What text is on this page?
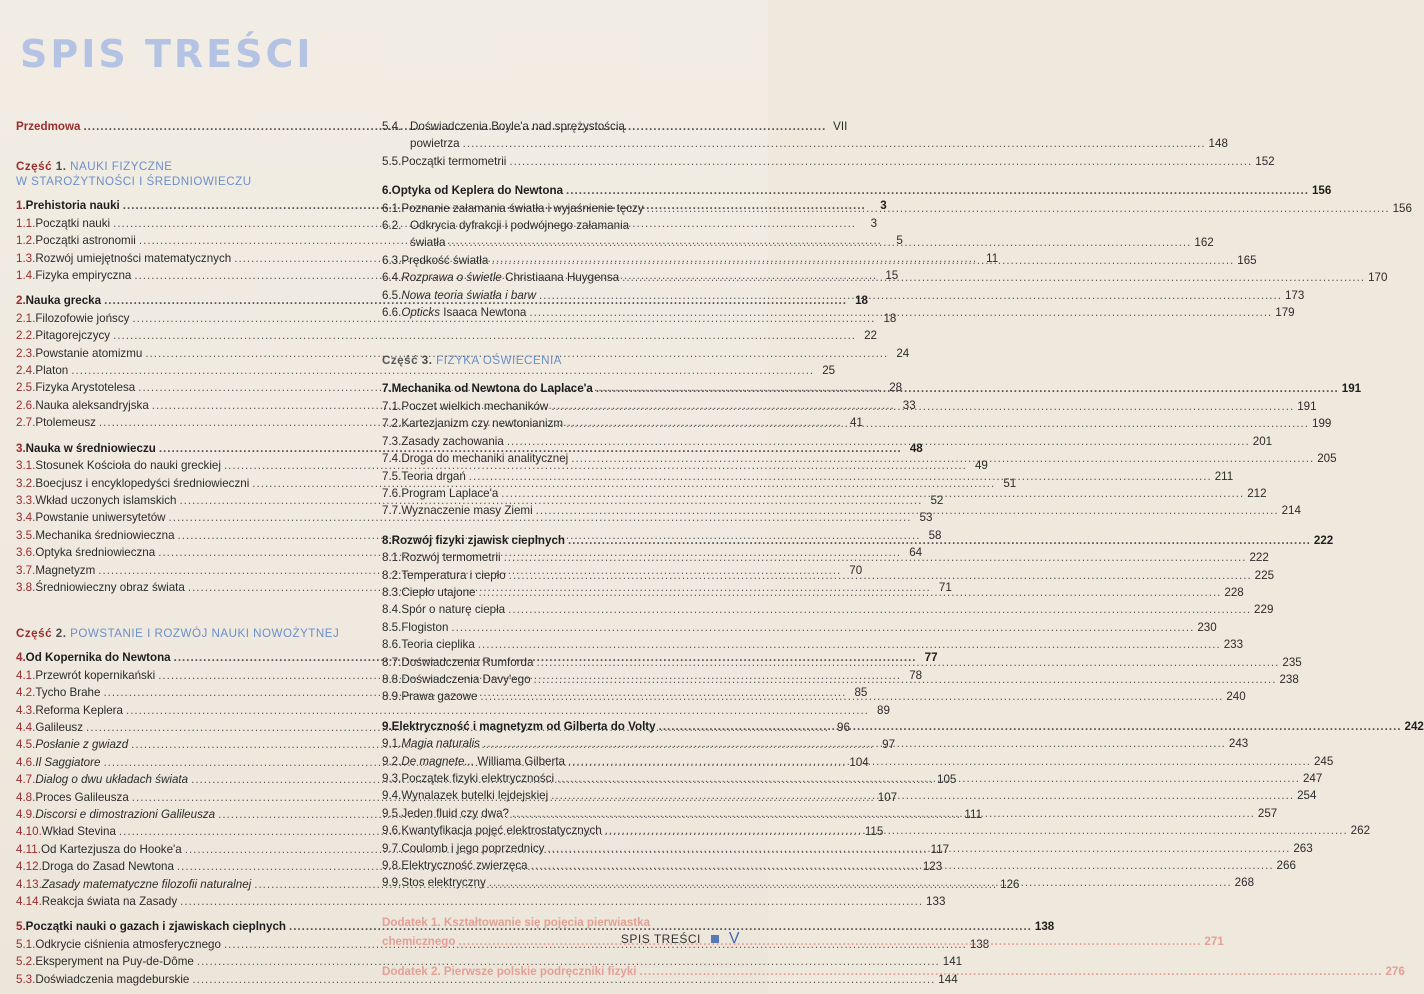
SPIS TREŚCI
Przedmowa .....	VII
Część 1. NAUKI FIZYCZNE
W STAROŻYTNOŚCI I ŚREDNIOWIECZU
1. Prehistoria nauki .....	3
1.1. Początki nauki .....	3
1.2. Początki astronomii .....	5
1.3. Rozwój umiejętności matematycznych .....	11
1.4. Fizyka empiryczna .....	15
2. Nauka grecka .....	18
2.1. Filozofowie jońscy .....	18
2.2. Pitagorejczycy .....	22
2.3. Powstanie atomizmu .....	24
2.4. Platon .....	25
2.5. Fizyka Arystotelesa .....	28
2.6. Nauka aleksandryjska .....	33
2.7. Ptolemeusz .....	41
3. Nauka w średniowieczu .....	48
3.1. Stosunek Kościoła do nauki greckiej .....	49
3.2. Boecjusz i encyklopedyści średniowieczni .....	51
3.3. Wkład uczonych islamskich .....	52
3.4. Powstanie uniwersytetów .....	53
3.5. Mechanika średniowieczna .....	58
3.6. Optyka średniowieczna .....	64
3.7. Magnetyzm .....	70
3.8. Średniowieczny obraz świata .....	71
Część 2. POWSTANIE I ROZWÓJ NAUKI NOWOŻYTNEJ
4. Od Kopernika do Newtona .....	77
4.1. Przewrót kopernikański .....	78
4.2. Tycho Brahe .....	85
4.3. Reforma Keplera .....	89
4.4. Galileusz .....	96
4.5. Posłanie z gwiazd .....	97
4.6. Il Saggiatore .....	104
4.7. Dialog o dwu układach świata .....	105
4.8. Proces Galileusza .....	107
4.9. Discorsi e dimostrazioni Galileusza .....	111
4.10. Wkład Stevina .....	115
4.11. Od Kartezjusza do Hooke'a .....	117
4.12. Droga do Zasad Newtona .....	123
4.13. Zasady matematyczne filozofii naturalnej .....	126
4.14. Reakcja świata na Zasady .....	133
5. Początki nauki o gazach i zjawiskach cieplnych .....	138
5.1. Odkrycie ciśnienia atmosferycznego .....	138
5.2. Eksperyment na Puy-de-Dôme .....	141
5.3. Doświadczenia magdeburskie .....	144
5.4. Doświadczenia Boyle'a nad sprężystością
powietrza .....	148
5.5. Początki termometrii .....	152
6. Optyka od Keplera do Newtona .....	156
6.1. Poznanie załamania światła i wyjaśnienie tęczy .....	156
6.2. Odkrycia dyfrakcji i podwójnego załamania
światła .....	162
6.3. Prędkość światła .....	165
6.4. Rozprawa o świetle Christiaana Huygensa .....	170
6.5. Nowa teoria światła i barw .....	173
6.6. Opticks Isaaca Newtona .....	179
Część 3. FIZYKA OŚWIECENIA
7. Mechanika od Newtona do Laplace'a .....	191
7.1. Poczet wielkich mechaników .....	191
7.2. Kartezjanizm czy newtonianizm .....	199
7.3. Zasady zachowania .....	201
7.4. Droga do mechaniki analitycznej .....	205
7.5. Teoria drgań .....	211
7.6. Program Laplace'a .....	212
7.7. Wyznaczenie masy Ziemi .....	214
8. Rozwój fizyki zjawisk cieplnych .....	222
8.1. Rozwój termometrii .....	222
8.2. Temperatura i ciepło .....	225
8.3. Ciepło utajone .....	228
8.4. Spór o naturę ciepła .....	229
8.5. Flogiston .....	230
8.6. Teoria cieplika .....	233
8.7. Doświadczenia Rumforda .....	235
8.8. Doświadczenia Davy'ego .....	238
8.9. Prawa gazowe .....	240
9. Elektryczność i magnetyzm od Gilberta do Volty .....	242
9.1. Magia naturalis .....	243
9.2. De magnete... Williama Gilberta .....	245
9.3. Początek fizyki elektryczności .....	247
9.4. Wynalazek butelki lejdejskiej .....	254
9.5. Jeden fluid czy dwa? .....	257
9.6. Kwantyfikacja pojęć elektrostatycznych .....	262
9.7. Coulomb i jego poprzednicy .....	263
9.8. Elektryczność zwierzęca .....	266
9.9. Stos elektryczny .....	268
Dodatek 1. Kształtowanie się pojęcia pierwiastka
chemicznego .....	271
Dodatek 2. Pierwsze polskie podręczniki fizyki .....	276
SPIS TREŚCI V
